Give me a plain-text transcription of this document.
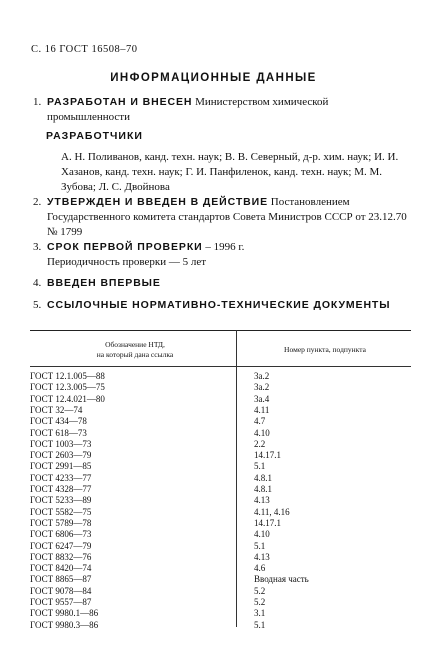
С. 16 ГОСТ 16508–70
ИНФОРМАЦИОННЫЕ ДАННЫЕ
1. РАЗРАБОТАН И ВНЕСЕН Министерством химической промышленности
РАЗРАБОТЧИКИ
А. Н. Поливанов, канд. техн. наук; В. В. Северный, д-р. хим. наук; И. И. Хазанов, канд. техн. наук; Г. И. Панфиленок, канд. техн. наук; М. М. Зубова; Л. С. Двойнова
2. УТВЕРЖДЕН И ВВЕДЕН В ДЕЙСТВИЕ Постановлением Государственного комитета стандартов Совета Министров СССР от 23.12.70 № 1799
3. СРОК ПЕРВОЙ ПРОВЕРКИ – 1996 г.
Периодичность проверки — 5 лет
4. ВВЕДЕН ВПЕРВЫЕ
5. ССЫЛОЧНЫЕ НОРМАТИВНО-ТЕХНИЧЕСКИЕ ДОКУМЕНТЫ
Обозначение НТД,
на который дана ссылка
Номер пункта, подпункта
ГОСТ 12.1.005—88	3а.2
ГОСТ 12.3.005—75	3а.2
ГОСТ 12.4.021—80	3а.4
ГОСТ 32—74	4.11
ГОСТ 434—78	4.7
ГОСТ 618—73	4.10
ГОСТ 1003—73	2.2
ГОСТ 2603—79	14.17.1
ГОСТ 2991—85	5.1
ГОСТ 4233—77	4.8.1
ГОСТ 4328—77	4.8.1
ГОСТ 5233—89	4.13
ГОСТ 5582—75	4.11, 4.16
ГОСТ 5789—78	14.17.1
ГОСТ 6806—73	4.10
ГОСТ 6247—79	5.1
ГОСТ 8832—76	4.13
ГОСТ 8420—74	4.6
ГОСТ 8865—87	Вводная часть
ГОСТ 9078—84	5.2
ГОСТ 9557—87	5.2
ГОСТ 9980.1—86	3.1
ГОСТ 9980.3—86	5.1
